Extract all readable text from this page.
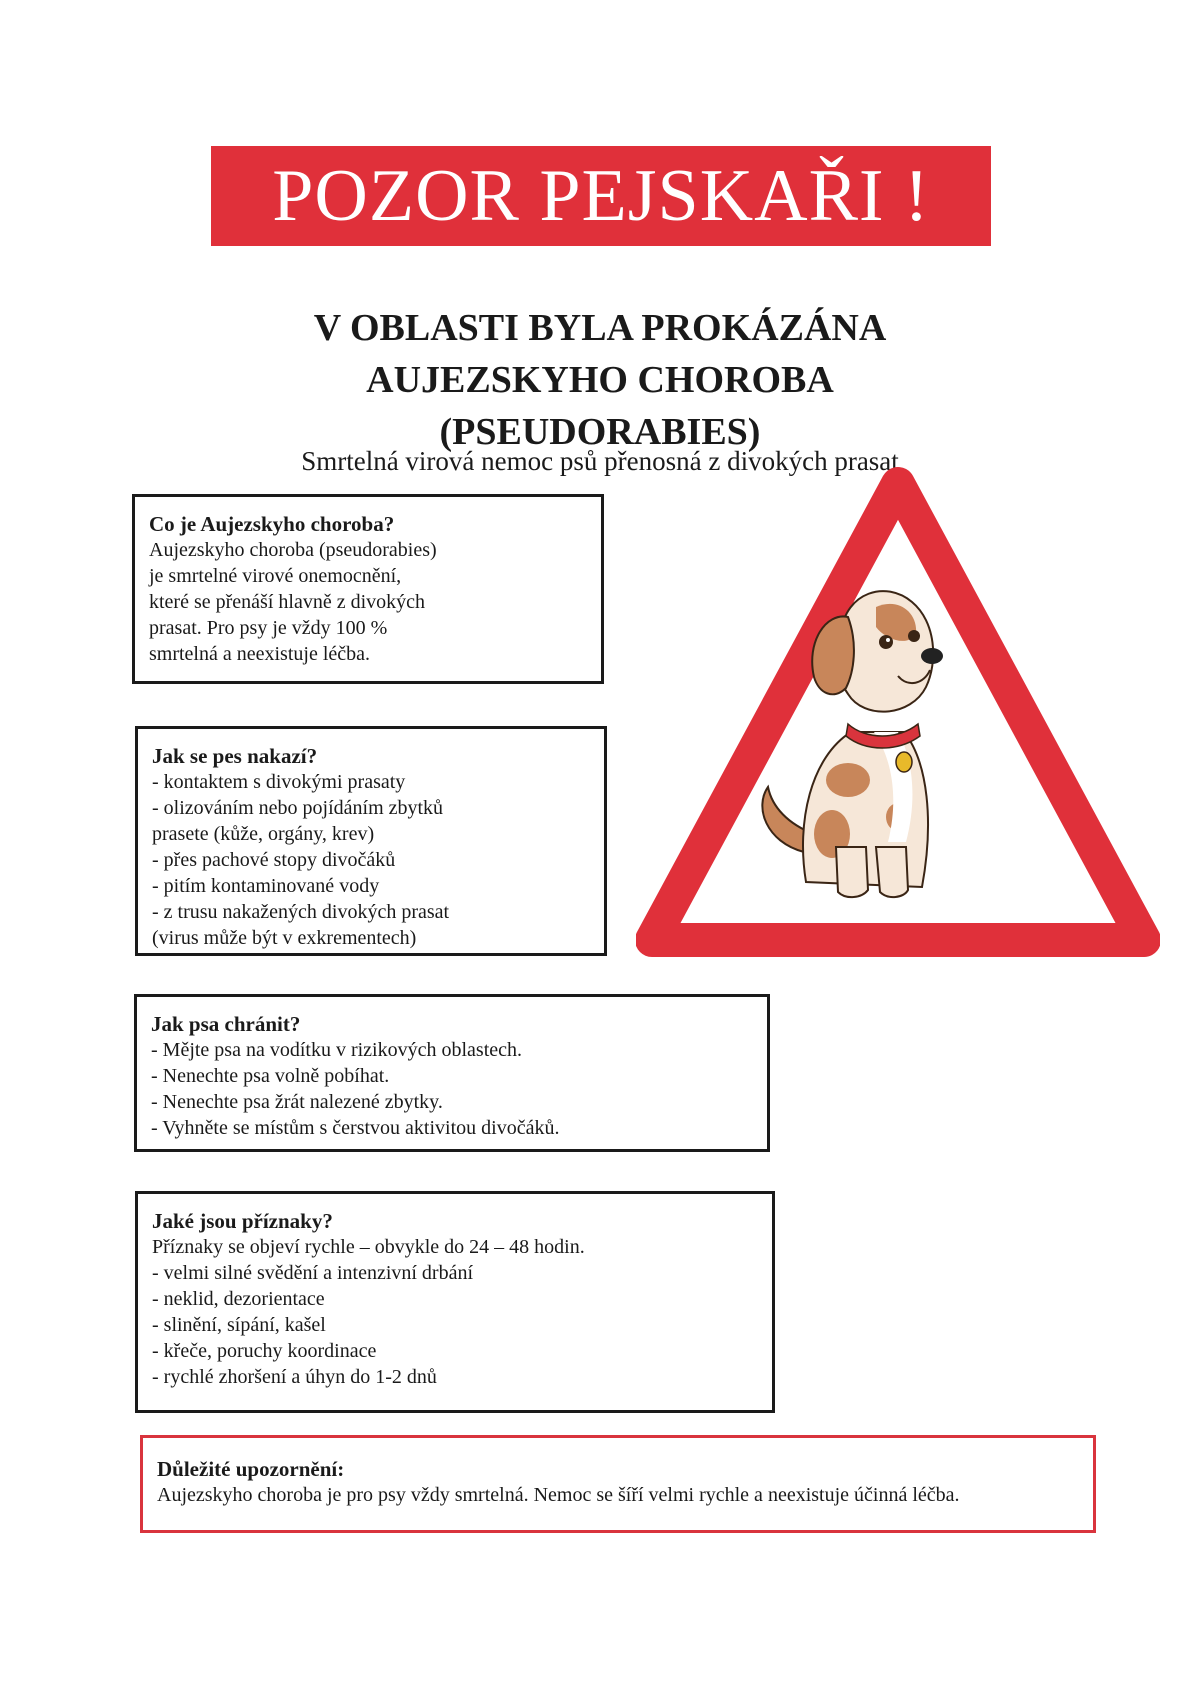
POZOR PEJSKAŘI !
V OBLASTI BYLA PROKÁZÁNA
AUJEZSKYHO CHOROBA
(PSEUDORABIES)
Smrtelná virová nemoc psů přenosná z divokých prasat
Co je Aujezskyho choroba?
Aujezskyho choroba (pseudorabies)
je smrtelné virové onemocnění,
které se přenáší hlavně z divokých
prasat. Pro psy je vždy 100 %
smrtelná a neexistuje léčba.
Jak se pes nakazí?
- kontaktem s divokými prasaty
- olizováním nebo pojídáním zbytků
prasete (kůže, orgány, krev)
- přes pachové stopy divočáků
- pitím kontaminované vody
- z trusu nakažených divokých prasat
(virus může být v exkrementech)
Jak psa chránit?
- Mějte psa na vodítku v rizikových oblastech.
- Nenechte psa volně pobíhat.
- Nenechte psa žrát nalezené zbytky.
- Vyhněte se místům s čerstvou aktivitou divočáků.
Jaké jsou příznaky?
Příznaky se objeví rychle – obvykle do 24 – 48 hodin.
- velmi silné svědění a intenzivní drbání
- neklid, dezorientace
- slinění, sípání, kašel
- křeče, poruchy koordinace
- rychlé zhoršení a úhyn do 1-2 dnů
Důležité upozornění:
Aujezskyho choroba je pro psy vždy smrtelná. Nemoc se šíří velmi rychle a neexistuje účinná léčba.
